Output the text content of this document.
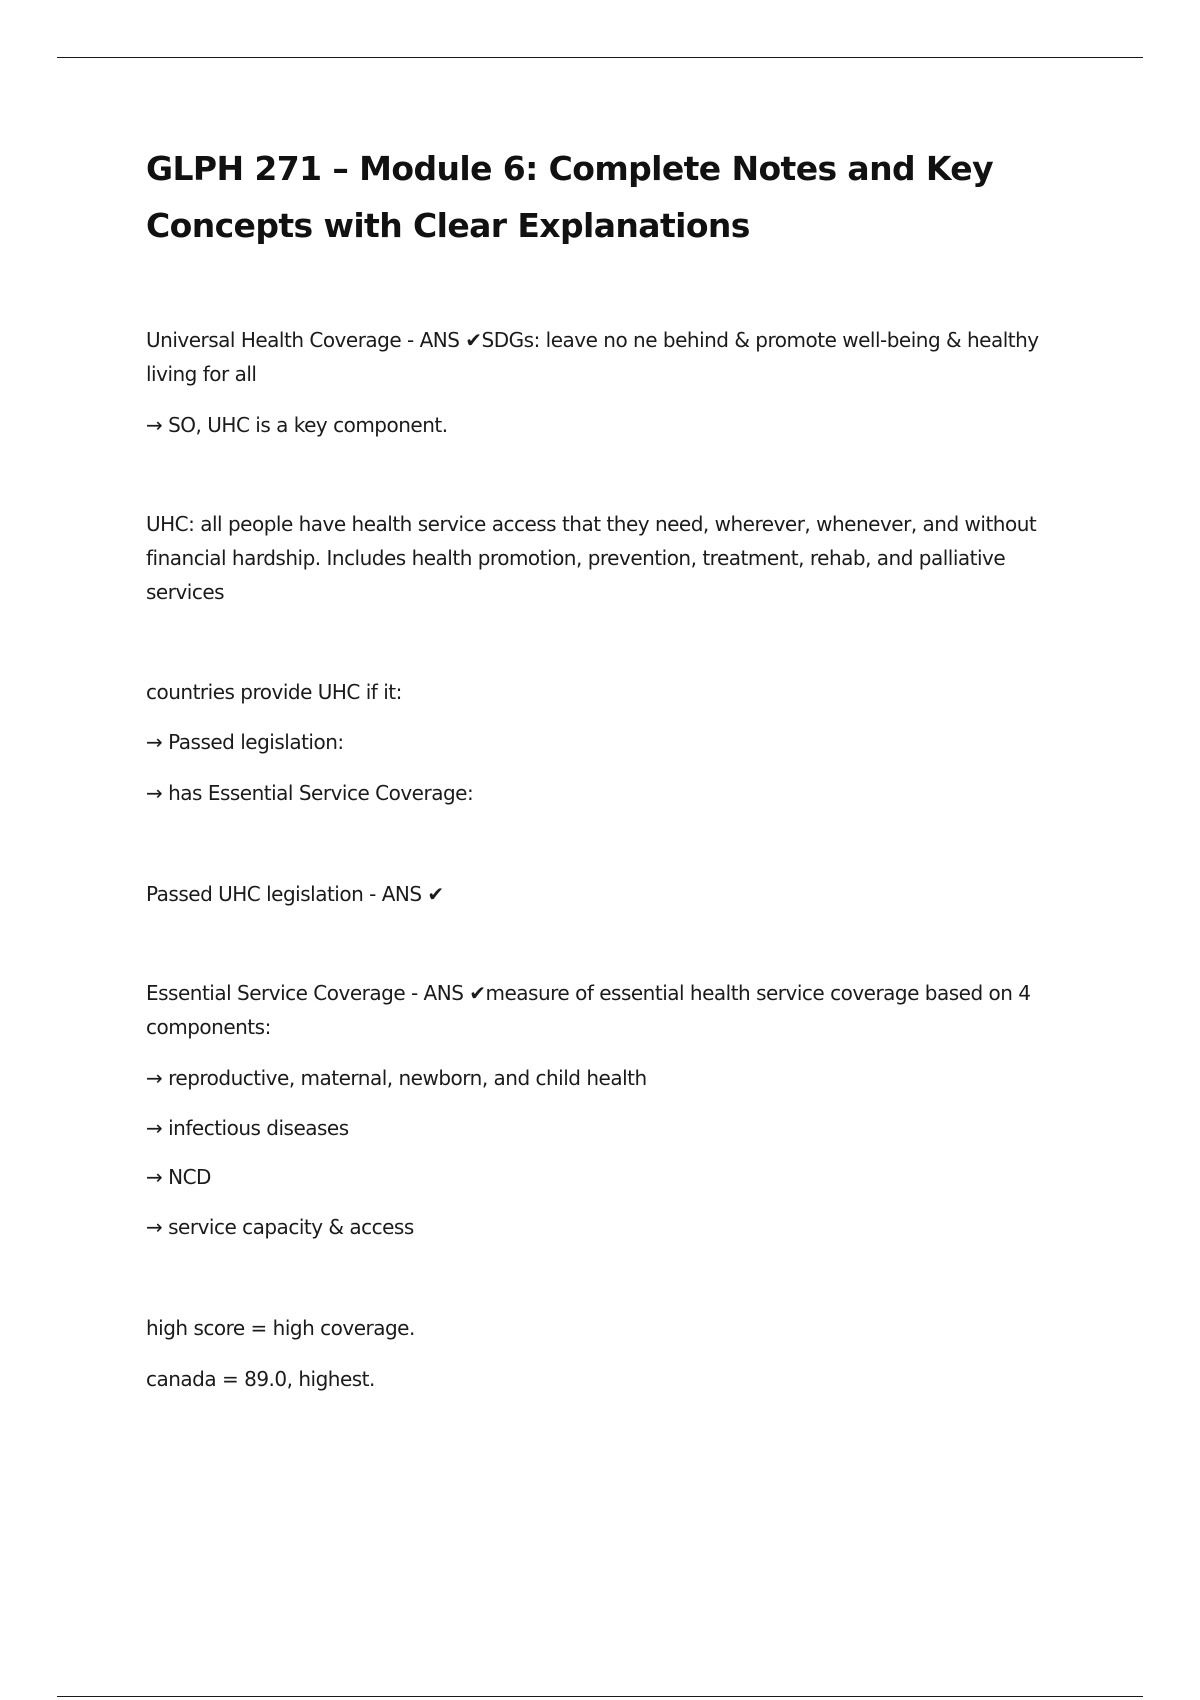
GLPH 271 – Module 6: Complete Notes and Key Concepts with Clear Explanations

Universal Health Coverage - ANS ✔SDGs: leave no ne behind & promote well-being & healthy living for all

→ SO, UHC is a key component.

UHC: all people have health service access that they need, wherever, whenever, and without financial hardship. Includes health promotion, prevention, treatment, rehab, and palliative services

countries provide UHC if it:

→ Passed legislation:

→ has Essential Service Coverage:

Passed UHC legislation - ANS ✔

Essential Service Coverage - ANS ✔measure of essential health service coverage based on 4 components:

→ reproductive, maternal, newborn, and child health

→ infectious diseases

→ NCD

→ service capacity & access

high score = high coverage.

canada = 89.0, highest.
